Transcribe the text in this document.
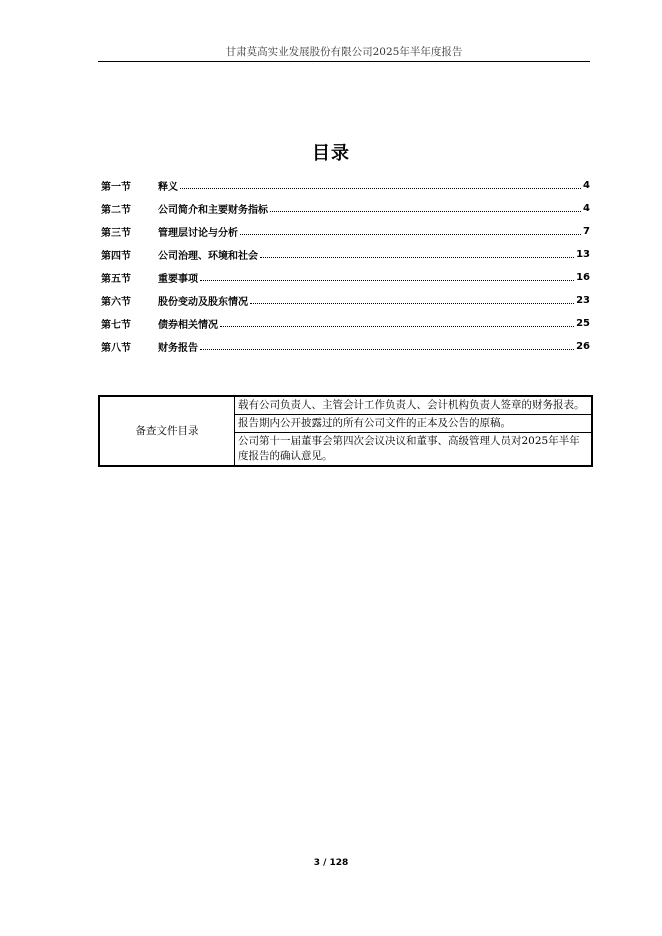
甘肃莫高实业发展股份有限公司2025年半年度报告
目录
第一节	释义	4
第二节	公司简介和主要财务指标	4
第三节	管理层讨论与分析	7
第四节	公司治理、环境和社会	13
第五节	重要事项	16
第六节	股份变动及股东情况	23
第七节	债券相关情况	25
第八节	财务报告	26
备查文件目录	载有公司负责人、主管会计工作负责人、会计机构负责人签章的财务报表。
报告期内公开披露过的所有公司文件的正本及公告的原稿。
公司第十一届董事会第四次会议决议和董事、高级管理人员对2025年半年度报告的确认意见。
3 / 128
